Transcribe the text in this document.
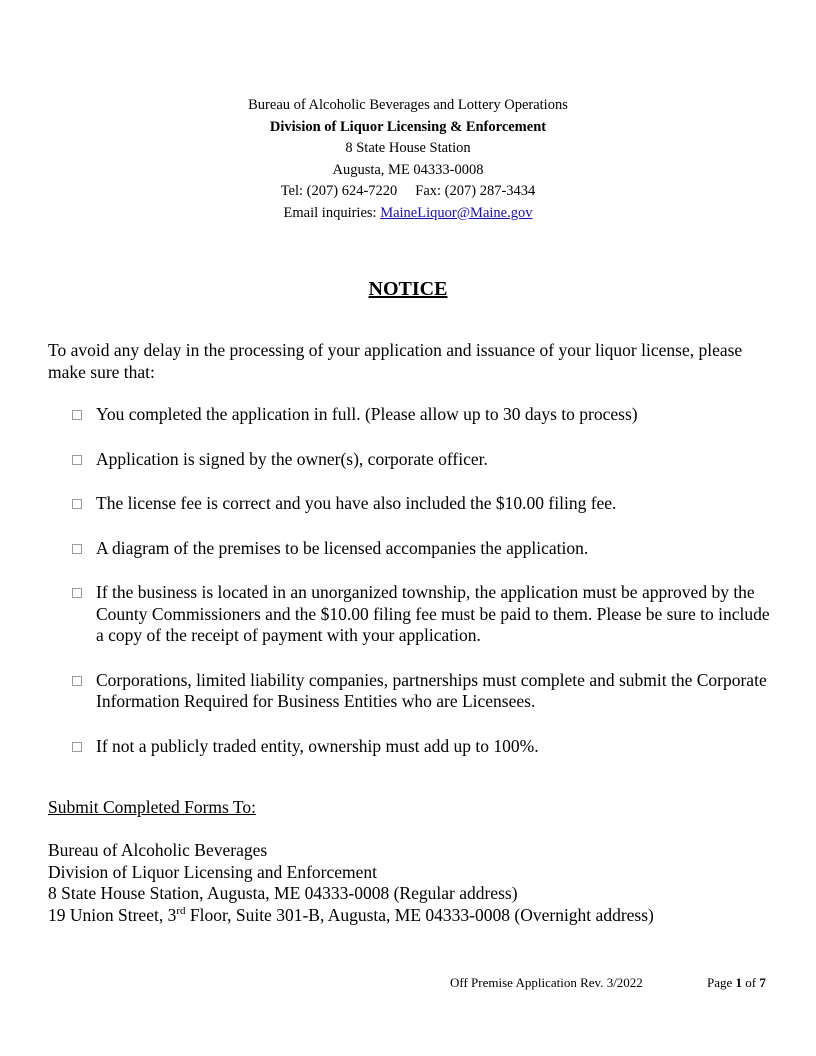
Bureau of Alcoholic Beverages and Lottery Operations
Division of Liquor Licensing & Enforcement
8 State House Station
Augusta, ME 04333-0008
Tel: (207) 624-7220 Fax: (207) 287-3434
Email inquiries: MaineLiquor@Maine.gov
NOTICE
To avoid any delay in the processing of your application and issuance of your liquor license, please make sure that:
You completed the application in full. (Please allow up to 30 days to process)
Application is signed by the owner(s), corporate officer.
The license fee is correct and you have also included the $10.00 filing fee.
A diagram of the premises to be licensed accompanies the application.
If the business is located in an unorganized township, the application must be approved by the County Commissioners and the $10.00 filing fee must be paid to them. Please be sure to include a copy of the receipt of payment with your application.
Corporations, limited liability companies, partnerships must complete and submit the Corporate Information Required for Business Entities who are Licensees.
If not a publicly traded entity, ownership must add up to 100%.
Submit Completed Forms To:
Bureau of Alcoholic Beverages
Division of Liquor Licensing and Enforcement
8 State House Station, Augusta, ME 04333-0008 (Regular address)
19 Union Street, 3rd Floor, Suite 301-B, Augusta, ME 04333-0008 (Overnight address)
Off Premise Application Rev. 3/2022	Page 1 of 7
